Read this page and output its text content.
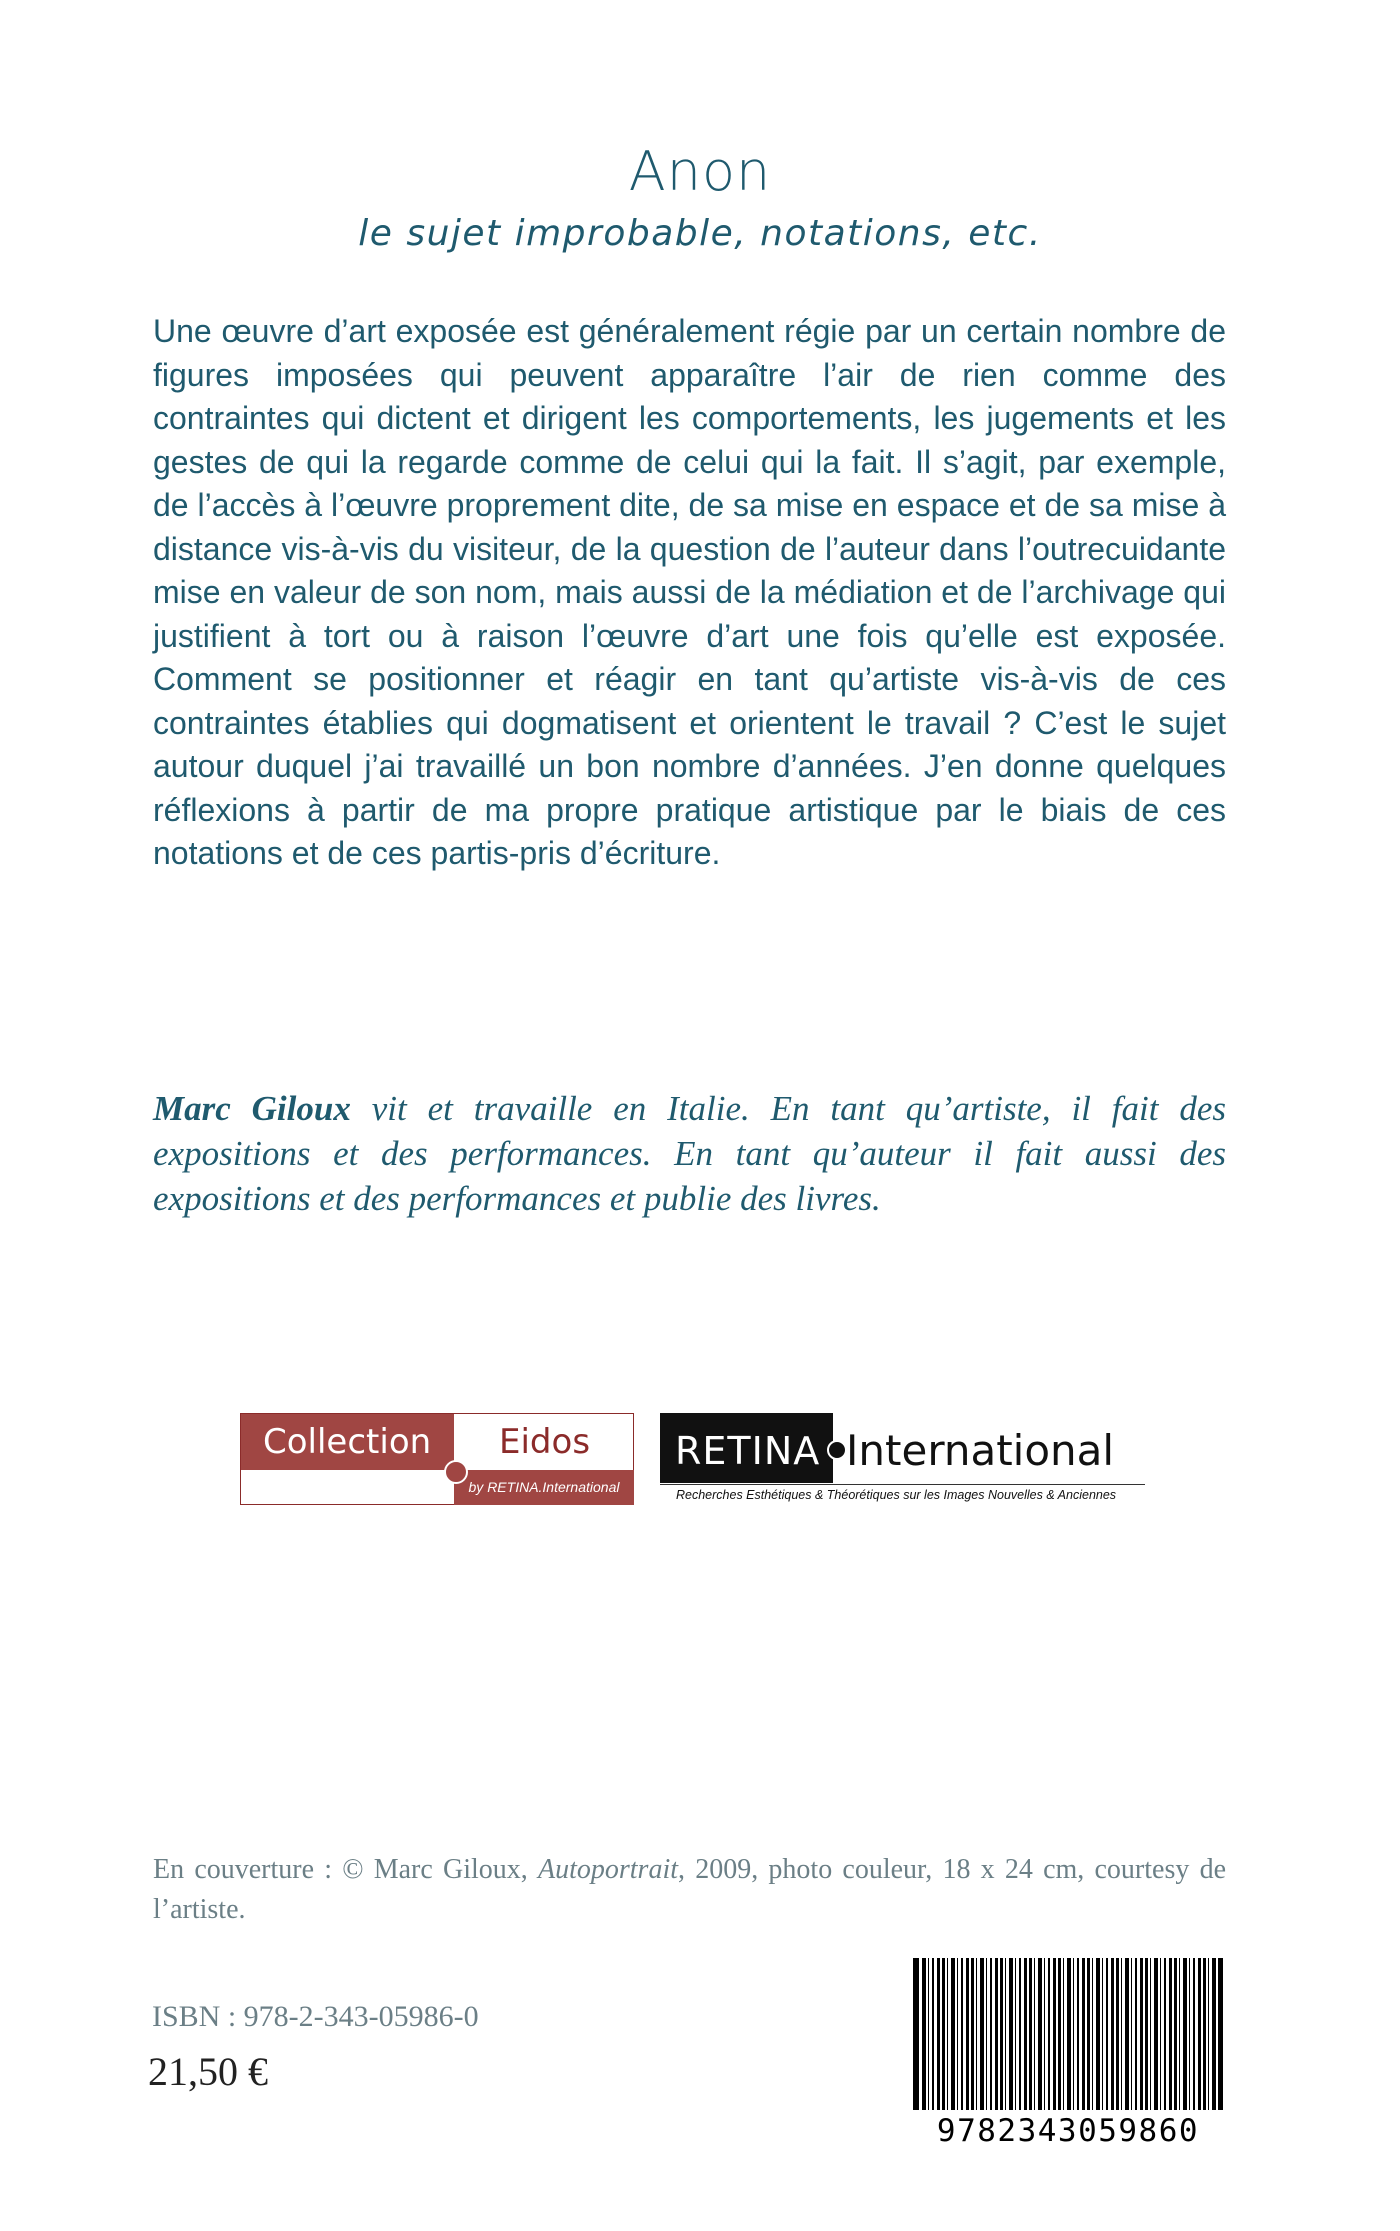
Anon
le sujet improbable, notations, etc.
Une œuvre d’art exposée est généralement régie par un certain nombre de figures imposées qui peuvent apparaître l’air de rien comme des contraintes qui dictent et dirigent les comportements, les jugements et les gestes de qui la regarde comme de celui qui la fait. Il s’agit, par exemple, de l’accès à l’œuvre proprement dite, de sa mise en espace et de sa mise à distance vis-à-vis du visiteur, de la question de l’auteur dans l’outrecuidante mise en valeur de son nom, mais aussi de la médiation et de l’archivage qui justifient à tort ou à raison l’œuvre d’art une fois qu’elle est exposée. Comment se positionner et réagir en tant qu’artiste vis-à-vis de ces contraintes établies qui dogmatisent et orientent le travail ? C’est le sujet autour duquel j’ai travaillé un bon nombre d’années. J’en donne quelques réflexions à partir de ma propre pratique artistique par le biais de ces notations et de ces partis-pris d’écriture.
Marc Giloux vit et travaille en Italie. En tant qu’artiste, il fait des expositions et des performances. En tant qu’auteur il fait aussi des expositions et des performances et publie des livres.
Collection	Eidos
by RETINA.International
RETINA International
Recherches Esthétiques & Théorétiques sur les Images Nouvelles & Anciennes
En couverture : © Marc Giloux, Autoportrait, 2009, photo couleur, 18 x 24 cm, courtesy de l’artiste.
ISBN : 978-2-343-05986-0
21,50 €
9782343059860
